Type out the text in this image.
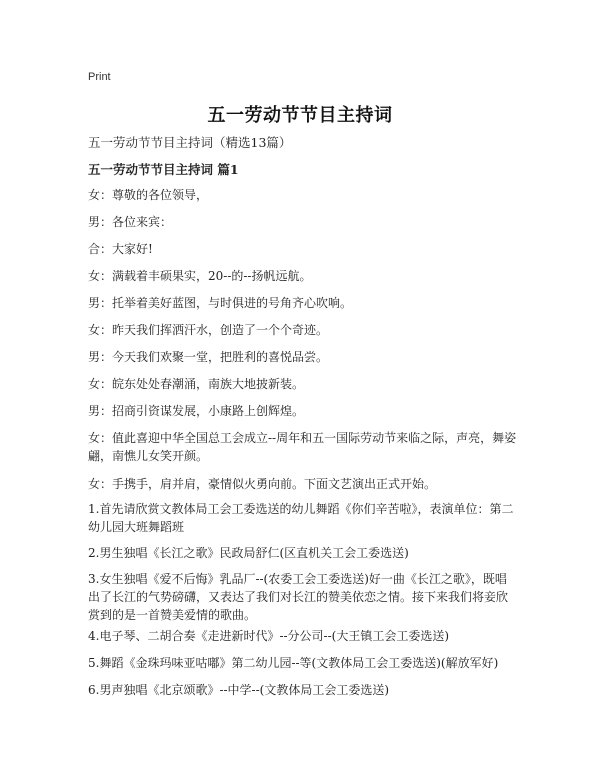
Print
五一劳动节节目主持词
五一劳动节节目主持词（精选13篇）
五一劳动节节目主持词 篇1
女：尊敬的各位领导，
男：各位来宾：
合：大家好!
女：满载着丰硕果实，20--的--扬帆远航。
男：托举着美好蓝图，与时俱进的号角齐心吹响。
女：昨天我们挥洒汗水，创造了一个个奇迹。
男：今天我们欢聚一堂，把胜利的喜悦品尝。
女：皖东处处春潮涌，南族大地披新装。
男：招商引资谋发展，小康路上创辉煌。
女：值此喜迎中华全国总工会成立--周年和五一国际劳动节来临之际，声亮，舞姿翩，南憔儿女笑开颜。
女：手携手，肩并肩，豪情似火勇向前。下面文艺演出正式开始。
1.首先请欣赏文教体局工会工委选送的幼儿舞蹈《你们辛苦啦》，表演单位：第二幼儿园大班舞蹈班
2.男生独唱《长江之歌》民政局舒仁(区直机关工会工委选送)
3.女生独唱《爱不后悔》乳品厂--(农委工会工委选送)好一曲《长江之歌》，既唱出了长江的气势磅礴，又表达了我们对长江的赞美依恋之情。接下来我们将妾欣赏到的是一首赞美爱情的歌曲。
4.电子琴、二胡合奏《走进新时代》--分公司--(大王镇工会工委选送)
5.舞蹈《金珠玛味亚咕嘟》第二幼儿园--等(文教体局工会工委选送)(解放军好)
6.男声独唱《北京颂歌》--中学--(文教体局工会工委选送)
